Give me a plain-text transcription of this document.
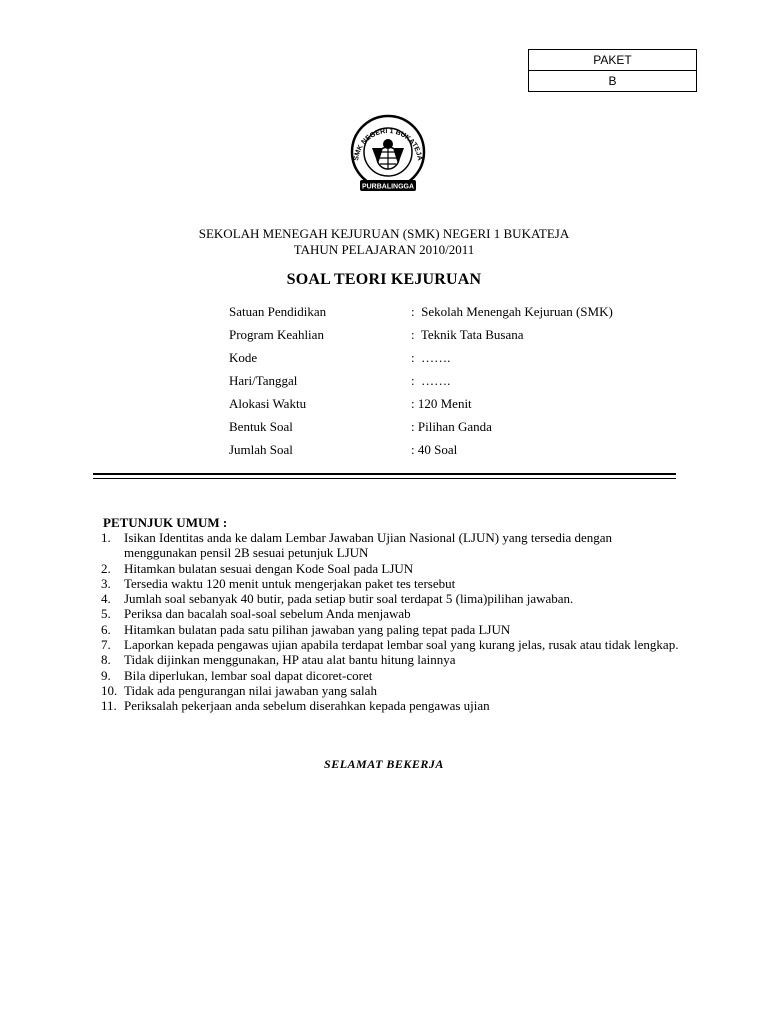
PAKET
B
SMK NEGERI 1 BUKATEJA
PURBALINGGA
SEKOLAH MENEGAH KEJURUAN (SMK) NEGERI 1 BUKATEJA
TAHUN PELAJARAN 2010/2011
SOAL TEORI KEJURUAN
Satuan Pendidikan	:  Sekolah Menengah Kejuruan (SMK)
Program Keahlian	:  Teknik Tata Busana
Kode	:  …….
Hari/Tanggal	:  …….
Alokasi Waktu	: 120 Menit
Bentuk Soal	: Pilihan Ganda
Jumlah Soal	: 40 Soal
PETUNJUK UMUM :
1. Isikan Identitas anda ke dalam Lembar Jawaban Ujian Nasional (LJUN) yang tersedia dengan menggunakan pensil 2B sesuai petunjuk LJUN
2. Hitamkan bulatan sesuai dengan Kode Soal pada LJUN
3. Tersedia waktu 120 menit untuk mengerjakan paket tes tersebut
4. Jumlah soal sebanyak 40 butir, pada setiap butir soal terdapat 5 (lima)pilihan jawaban.
5. Periksa dan bacalah soal-soal sebelum Anda menjawab
6. Hitamkan bulatan pada satu pilihan jawaban yang paling tepat pada LJUN
7. Laporkan kepada pengawas ujian apabila terdapat lembar soal yang kurang jelas, rusak atau tidak lengkap.
8. Tidak dijinkan menggunakan, HP atau alat bantu hitung lainnya
9. Bila diperlukan, lembar soal dapat dicoret-coret
10. Tidak ada pengurangan nilai jawaban yang salah
11. Periksalah pekerjaan anda sebelum diserahkan kepada pengawas ujian
SELAMAT BEKERJA
